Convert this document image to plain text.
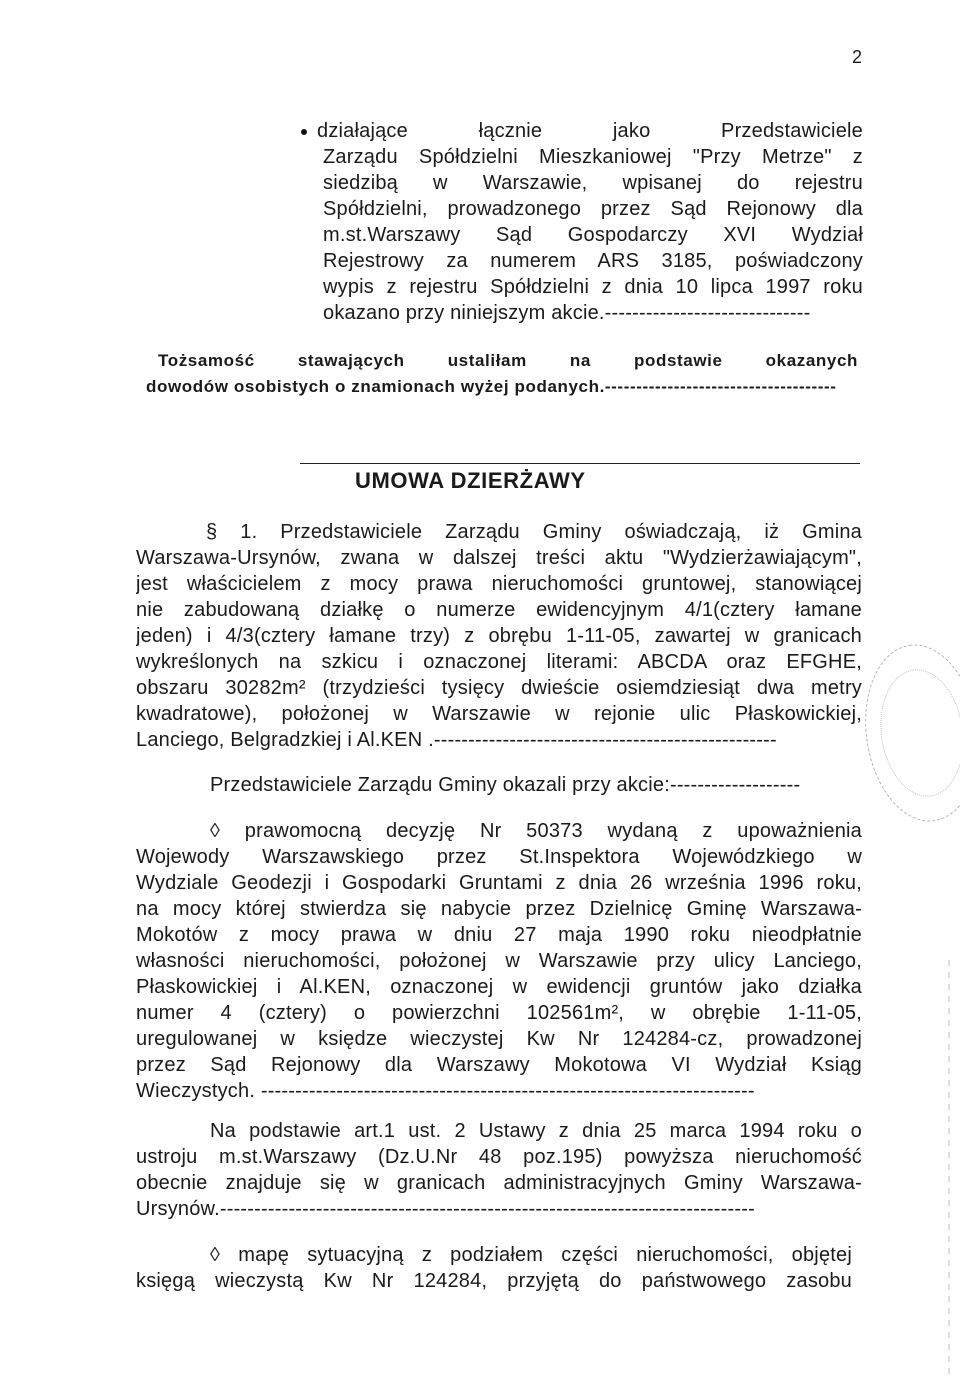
2
działające łącznie jako Przedstawiciele
Zarządu Spółdzielni Mieszkaniowej "Przy Metrze" z
siedzibą w Warszawie, wpisanej do rejestru
Spółdzielni, prowadzonego przez Sąd Rejonowy dla
m.st.Warszawy Sąd Gospodarczy XVI Wydział
Rejestrowy za numerem ARS 3185, poświadczony
wypis z rejestru Spółdzielni z dnia 10 lipca 1997 roku
okazano przy niniejszym akcie.------------------------------
Tożsamość stawających ustaliłam na podstawie okazanych
dowodów osobistych o znamionach wyżej podanych.-------------------------------------
UMOWA DZIERŻAWY
§ 1. Przedstawiciele Zarządu Gminy oświadczają, iż Gmina
Warszawa-Ursynów, zwana w dalszej treści aktu "Wydzierżawiającym",
jest właścicielem z mocy prawa nieruchomości gruntowej, stanowiącej
nie zabudowaną działkę o numerze ewidencyjnym 4/1(cztery łamane
jeden) i 4/3(cztery łamane trzy) z obrębu 1-11-05, zawartej w granicach
wykreślonych na szkicu i oznaczonej literami: ABCDA oraz EFGHE,
obszaru 30282m² (trzydzieści tysięcy dwieście osiemdziesiąt dwa metry
kwadratowe), położonej w Warszawie w rejonie ulic Płaskowickiej,
Lanciego, Belgradzkiej i Al.KEN .--------------------------------------------------
Przedstawiciele Zarządu Gminy okazali przy akcie:-------------------
◊ prawomocną decyzję Nr 50373 wydaną z upoważnienia
Wojewody Warszawskiego przez St.Inspektora Wojewódzkiego w
Wydziale Geodezji i Gospodarki Gruntami z dnia 26 września 1996 roku,
na mocy której stwierdza się nabycie przez Dzielnicę Gminę Warszawa-
Mokotów z mocy prawa w dniu 27 maja 1990 roku nieodpłatnie
własności nieruchomości, położonej w Warszawie przy ulicy Lanciego,
Płaskowickiej i Al.KEN, oznaczonej w ewidencji gruntów jako działka
numer 4 (cztery) o powierzchni 102561m², w obrębie 1-11-05,
uregulowanej w księdze wieczystej Kw Nr 124284-cz, prowadzonej
przez Sąd Rejonowy dla Warszawy Mokotowa VI Wydział Ksiąg
Wieczystych. ------------------------------------------------------------------------
Na podstawie art.1 ust. 2 Ustawy z dnia 25 marca 1994 roku o
ustroju m.st.Warszawy (Dz.U.Nr 48 poz.195) powyższa nieruchomość
obecnie znajduje się w granicach administracyjnych Gminy Warszawa-
Ursynów.------------------------------------------------------------------------------
◊ mapę sytuacyjną z podziałem części nieruchomości, objętej
księgą wieczystą Kw Nr 124284, przyjętą do państwowego zasobu
